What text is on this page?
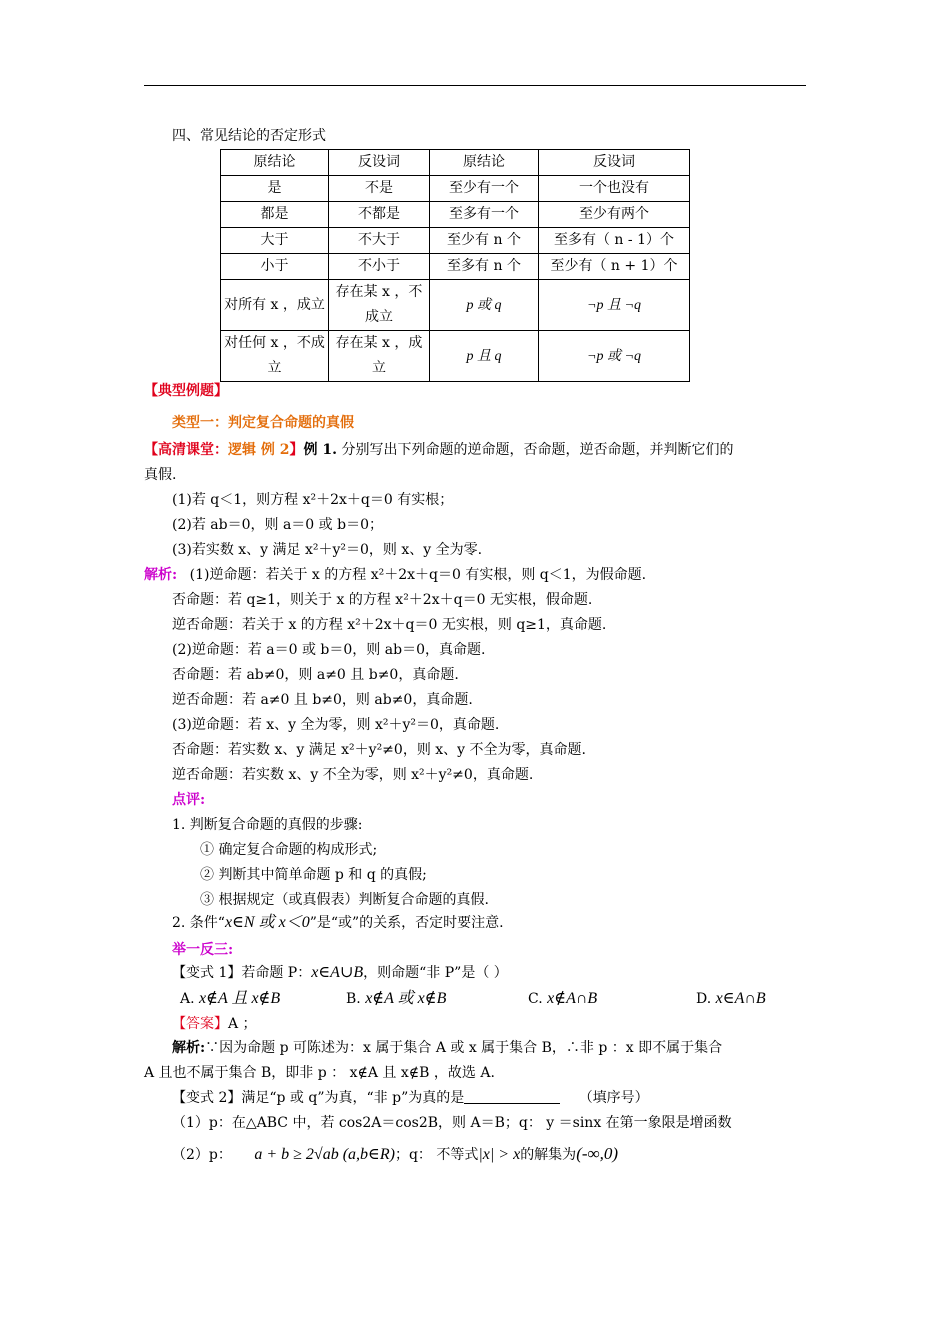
四、常见结论的否定形式
原结论	反设词	原结论	反设词
是	不是	至少有一个	一个也没有
都是	不都是	至多有一个	至少有两个
大于	不大于	至少有 n 个	至多有（ n - 1）个
小于	不小于	至多有 n 个	至少有（ n + 1）个
对所有 x ，成立	存在某 x ，不成立	p 或 q	¬p 且 ¬q
对任何 x ，不成立	存在某 x ，成立	p 且 q	¬p 或 ¬q
【典型例题】
类型一：判定复合命题的真假
【高清课堂：逻辑 例 2】例 1. 分别写出下列命题的逆命题，否命题，逆否命题，并判断它们的
真假.
(1)若 q＜1，则方程 x²＋2x＋q＝0 有实根；
(2)若 ab＝0，则 a＝0 或 b＝0；
(3)若实数 x、y 满足 x²＋y²＝0，则 x、y 全为零.
解析: (1)逆命题：若关于 x 的方程 x²＋2x＋q＝0 有实根，则 q＜1，为假命题.
否命题：若 q≥1，则关于 x 的方程 x²＋2x＋q＝0 无实根，假命题.
逆否命题：若关于 x 的方程 x²＋2x＋q＝0 无实根，则 q≥1，真命题.
(2)逆命题：若 a＝0 或 b＝0，则 ab＝0，真命题.
否命题：若 ab≠0，则 a≠0 且 b≠0，真命题.
逆否命题：若 a≠0 且 b≠0，则 ab≠0，真命题.
(3)逆命题：若 x、y 全为零，则 x²＋y²＝0，真命题.
否命题：若实数 x、y 满足 x²＋y²≠0，则 x、y 不全为零，真命题.
逆否命题：若实数 x、y 不全为零，则 x²＋y²≠0，真命题.
点评:
1. 判断复合命题的真假的步骤:
① 确定复合命题的构成形式;
② 判断其中简单命题 p 和 q 的真假;
③ 根据规定（或真假表）判断复合命题的真假.
2. 条件“x∈N 或 x＜0”是“或”的关系，否定时要注意.
举一反三:
【变式 1】若命题 P：x∈A∪B，则命题“非 P”是（ ）
A. x∉A 且 x∉B	B. x∉A 或 x∉B	C. x∉A∩B	D. x∈A∩B
【答案】A ；
解析:∵因为命题 p 可陈述为：x 属于集合 A 或 x 属于集合 B，∴非 p ：x 即不属于集合
A 且也不属于集合 B，即非 p ： x∉A 且 x∉B ，故选 A.
【变式 2】满足“p 或 q”为真，“非 p”为真的是	（填序号）
（1）p：在△ABC 中，若 cos2A＝cos2B，则 A＝B；q： y ＝sinx 在第一象限是增函数
（2）p： a + b ≥ 2√ab (a,b∈R)；q： 不等式|x| > x的解集为(-∞,0)
